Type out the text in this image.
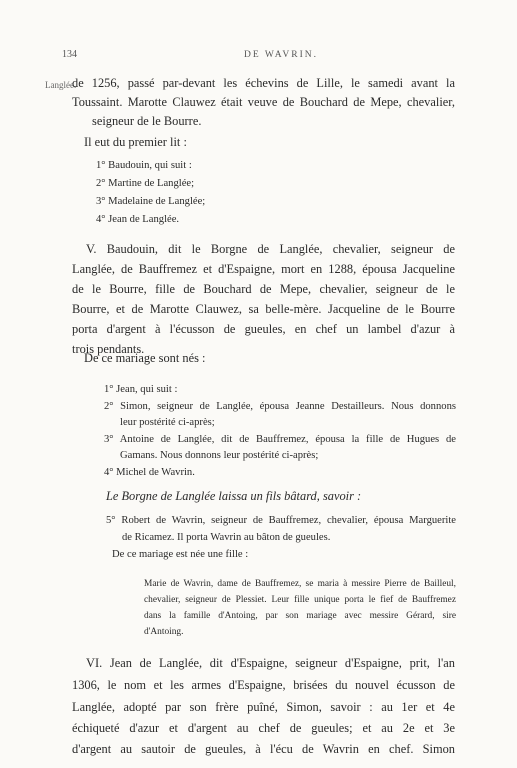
134	DE WAVRIN.
Langlée.
de 1256, passé par-devant les échevins de Lille, le samedi avant la
Toussaint. Marotte Clauwez était veuve de Bouchard de Mepe, chevalier,
seigneur de le Bourre.
Il eut du premier lit :
1° Baudouin, qui suit :
2° Martine de Langlée;
3° Madelaine de Langlée;
4° Jean de Langlée.
V. Baudouin, dit le Borgne de Langlée, chevalier, seigneur de
Langlée, de Bauffremez et d'Espaigne, mort en 1288, épousa Jacqueline
de le Bourre, fille de Bouchard de Mepe, chevalier, seigneur de le
Bourre, et de Marotte Clauwez, sa belle-mère. Jacqueline de le Bourre
porta d'argent à l'écusson de gueules, en chef un lambel d'azur à
trois pendants.
De ce mariage sont nés :
1° Jean, qui suit :
2° Simon, seigneur de Langlée, épousa Jeanne Destailleurs. Nous donnons
leur postérité ci-après;
3° Antoine de Langlée, dit de Bauffremez, épousa la fille de Hugues de
Gamans. Nous donnons leur postérité ci-après;
4° Michel de Wavrin.
Le Borgne de Langlée laissa un fils bâtard, savoir :
5° Robert de Wavrin, seigneur de Bauffremez, chevalier, épousa Marguerite
de Ricamez. Il porta Wavrin au bâton de gueules.
De ce mariage est née une fille :
Marie de Wavrin, dame de Bauffremez, se maria à messire Pierre de Bailleul,
chevalier, seigneur de Plessiet. Leur fille unique porta le fief de Bauffremez
dans la famille d'Antoing, par son mariage avec messire Gérard, sire
d'Antoing.
VI. Jean de Langlée, dit d'Espaigne, seigneur d'Espaigne, prit, l'an
1306, le nom et les armes d'Espaigne, brisées du nouvel écusson de
Langlée, adopté par son frère puîné, Simon, savoir : au 1er et 4e
échiqueté d'azur et d'argent au chef de gueules; et au 2e et 3e
d'argent au sautoir de gueules, à l'écu de Wavrin en chef. Simon
